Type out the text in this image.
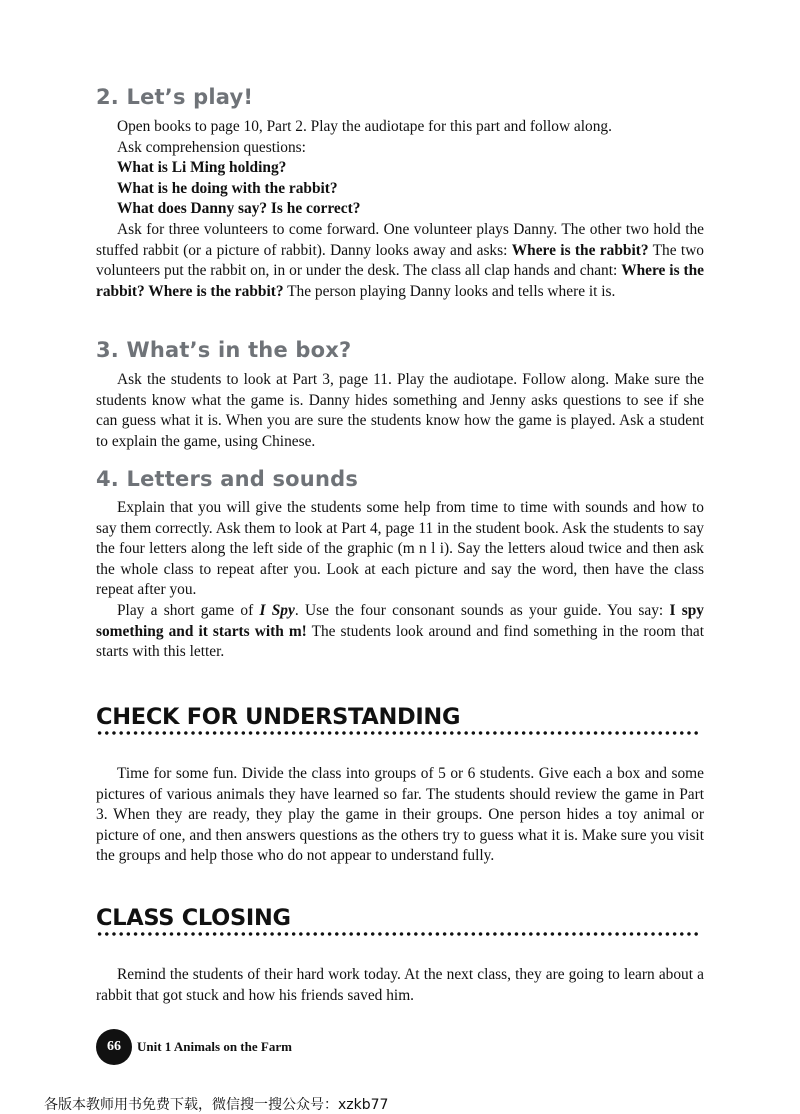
2. Let’s play!

Open books to page 10, Part 2. Play the audiotape for this part and follow along.

Ask comprehension questions:

What is Li Ming holding?

What is he doing with the rabbit?

What does Danny say? Is he correct?

Ask for three volunteers to come forward. One volunteer plays Danny. The other two hold the stuffed rabbit (or a picture of rabbit). Danny looks away and asks: Where is the rabbit? The two volunteers put the rabbit on, in or under the desk. The class all clap hands and chant: Where is the rabbit? Where is the rabbit? The person playing Danny looks and tells where it is.

3. What’s in the box?

Ask the students to look at Part 3, page 11. Play the audiotape. Follow along. Make sure the students know what the game is. Danny hides something and Jenny asks questions to see if she can guess what it is. When you are sure the students know how the game is played. Ask a student to explain the game, using Chinese.

4. Letters and sounds

Explain that you will give the students some help from time to time with sounds and how to say them correctly. Ask them to look at Part 4, page 11 in the student book. Ask the students to say the four letters along the left side of the graphic (m n l i). Say the letters aloud twice and then ask the whole class to repeat after you. Look at each picture and say the word, then have the class repeat after you.

Play a short game of I Spy. Use the four consonant sounds as your guide. You say: I spy something and it starts with m! The students look around and find something in the room that starts with this letter.

CHECK FOR UNDERSTANDING

Time for some fun. Divide the class into groups of 5 or 6 students. Give each a box and some pictures of various animals they have learned so far. The students should review the game in Part 3. When they are ready, they play the game in their groups. One person hides a toy animal or picture of one, and then answers questions as the others try to guess what it is. Make sure you visit the groups and help those who do not appear to understand fully.

CLASS CLOSING

Remind the students of their hard work today. At the next class, they are going to learn about a rabbit that got stuck and how his friends saved him.

66	Unit 1 Animals on the Farm
各版本教师用书免费下载，微信搜一搜公众号：xzkb77
